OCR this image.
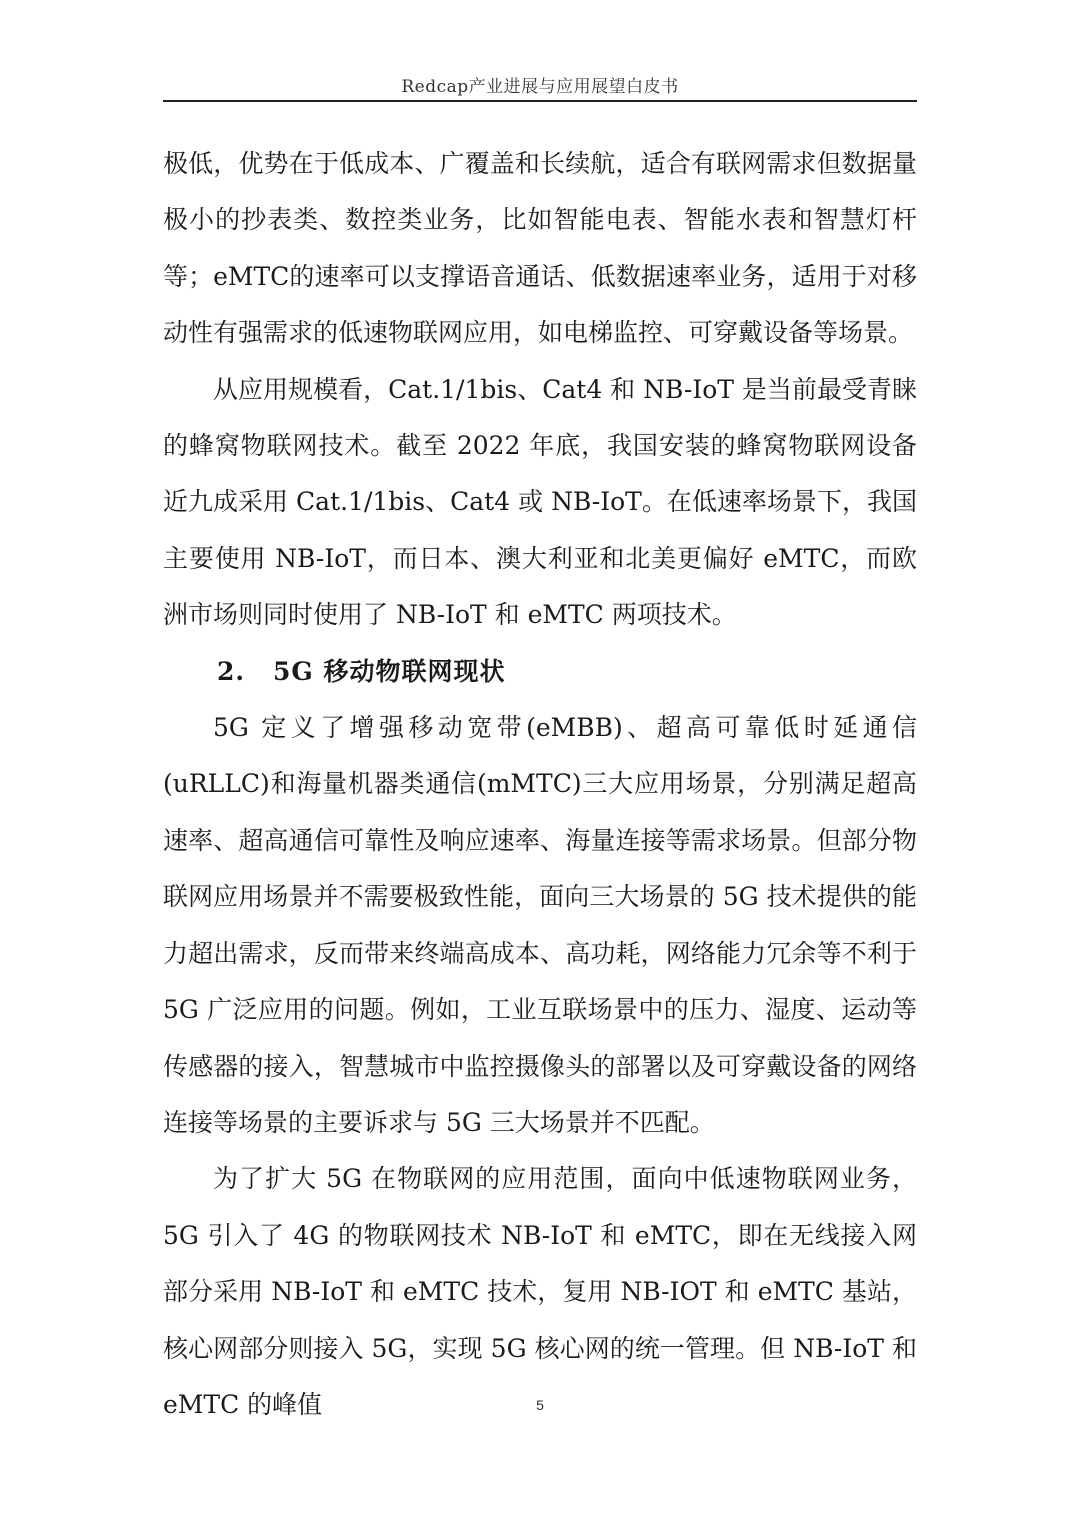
Redcap产业进展与应用展望白皮书

极低，优势在于低成本、广覆盖和长续航，适合有联网需求但数据量极小的抄表类、数控类业务，比如智能电表、智能水表和智慧灯杆等；eMTC的速率可以支撑语音通话、低数据速率业务，适用于对移动性有强需求的低速物联网应用，如电梯监控、可穿戴设备等场景。

从应用规模看，Cat.1/1bis、Cat4 和 NB-IoT 是当前最受青睐的蜂窝物联网技术。截至 2022 年底，我国安装的蜂窝物联网设备近九成采用 Cat.1/1bis、Cat4 或 NB-IoT。在低速率场景下，我国主要使用 NB-IoT，而日本、澳大利亚和北美更偏好 eMTC，而欧洲市场则同时使用了 NB-IoT 和 eMTC 两项技术。

2. 5G 移动物联网现状

5G 定义了增强移动宽带(eMBB)、超高可靠低时延通信(uRLLC)和海量机器类通信(mMTC)三大应用场景，分别满足超高速率、超高通信可靠性及响应速率、海量连接等需求场景。但部分物联网应用场景并不需要极致性能，面向三大场景的 5G 技术提供的能力超出需求，反而带来终端高成本、高功耗，网络能力冗余等不利于 5G 广泛应用的问题。例如，工业互联场景中的压力、湿度、运动等传感器的接入，智慧城市中监控摄像头的部署以及可穿戴设备的网络连接等场景的主要诉求与 5G 三大场景并不匹配。

为了扩大 5G 在物联网的应用范围，面向中低速物联网业务，5G 引入了 4G 的物联网技术 NB-IoT 和 eMTC，即在无线接入网部分采用 NB-IoT 和 eMTC 技术，复用 NB-IOT 和 eMTC 基站，核心网部分则接入 5G，实现 5G 核心网的统一管理。但 NB-IoT 和 eMTC 的峰值	5
